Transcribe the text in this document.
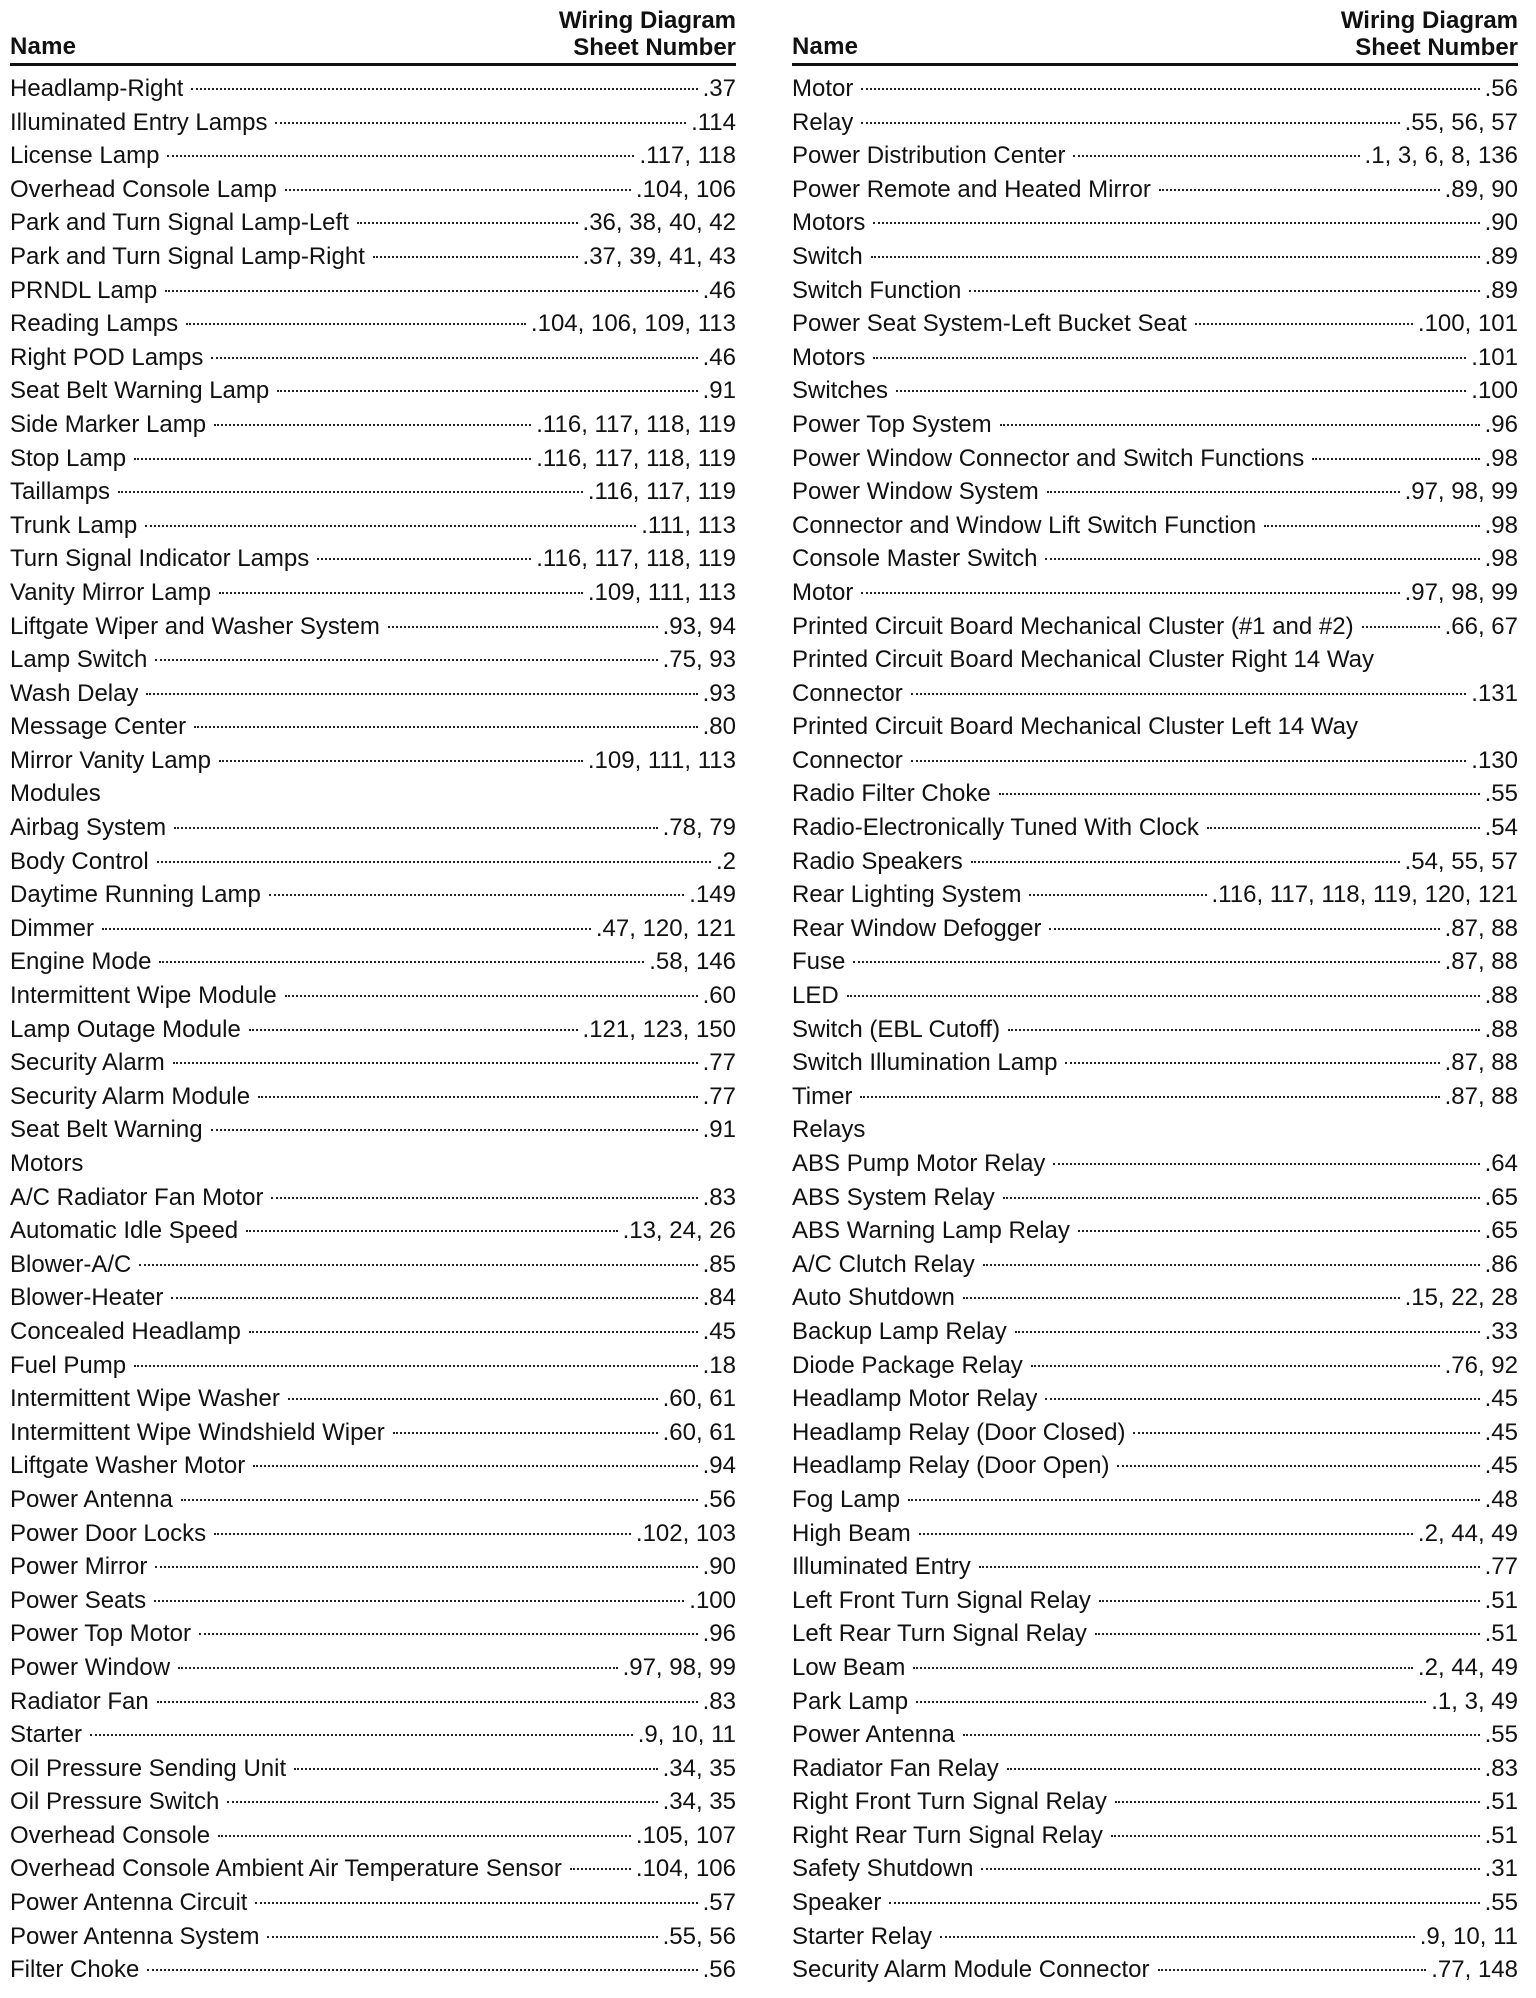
Name
Wiring Diagram
Sheet Number
Headlamp-Right	.37
Illuminated Entry Lamps	.114
License Lamp	.117, 118
Overhead Console Lamp	.104, 106
Park and Turn Signal Lamp-Left	.36, 38, 40, 42
Park and Turn Signal Lamp-Right	.37, 39, 41, 43
PRNDL Lamp	.46
Reading Lamps	.104, 106, 109, 113
Right POD Lamps	.46
Seat Belt Warning Lamp	.91
Side Marker Lamp	.116, 117, 118, 119
Stop Lamp	.116, 117, 118, 119
Taillamps	.116, 117, 119
Trunk Lamp	.111, 113
Turn Signal Indicator Lamps	.116, 117, 118, 119
Vanity Mirror Lamp	.109, 111, 113
Liftgate Wiper and Washer System	.93, 94
Lamp Switch	.75, 93
Wash Delay	.93
Message Center	.80
Mirror Vanity Lamp	.109, 111, 113
Modules
Airbag System	.78, 79
Body Control	.2
Daytime Running Lamp	.149
Dimmer	.47, 120, 121
Engine Mode	.58, 146
Intermittent Wipe Module	.60
Lamp Outage Module	.121, 123, 150
Security Alarm	.77
Security Alarm Module	.77
Seat Belt Warning	.91
Motors
A/C Radiator Fan Motor	.83
Automatic Idle Speed	.13, 24, 26
Blower-A/C	.85
Blower-Heater	.84
Concealed Headlamp	.45
Fuel Pump	.18
Intermittent Wipe Washer	.60, 61
Intermittent Wipe Windshield Wiper	.60, 61
Liftgate Washer Motor	.94
Power Antenna	.56
Power Door Locks	.102, 103
Power Mirror	.90
Power Seats	.100
Power Top Motor	.96
Power Window	.97, 98, 99
Radiator Fan	.83
Starter	.9, 10, 11
Oil Pressure Sending Unit	.34, 35
Oil Pressure Switch	.34, 35
Overhead Console	.105, 107
Overhead Console Ambient Air Temperature Sensor	.104, 106
Power Antenna Circuit	.57
Power Antenna System	.55, 56
Filter Choke	.56
Name
Wiring Diagram
Sheet Number
Motor	.56
Relay	.55, 56, 57
Power Distribution Center	.1, 3, 6, 8, 136
Power Remote and Heated Mirror	.89, 90
Motors	.90
Switch	.89
Switch Function	.89
Power Seat System-Left Bucket Seat	.100, 101
Motors	.101
Switches	.100
Power Top System	.96
Power Window Connector and Switch Functions	.98
Power Window System	.97, 98, 99
Connector and Window Lift Switch Function	.98
Console Master Switch	.98
Motor	.97, 98, 99
Printed Circuit Board Mechanical Cluster (#1 and #2)	.66, 67
Printed Circuit Board Mechanical Cluster Right 14 Way
Connector	.131
Printed Circuit Board Mechanical Cluster Left 14 Way
Connector	.130
Radio Filter Choke	.55
Radio-Electronically Tuned With Clock	.54
Radio Speakers	.54, 55, 57
Rear Lighting System	.116, 117, 118, 119, 120, 121
Rear Window Defogger	.87, 88
Fuse	.87, 88
LED	.88
Switch (EBL Cutoff)	.88
Switch Illumination Lamp	.87, 88
Timer	.87, 88
Relays
ABS Pump Motor Relay	.64
ABS System Relay	.65
ABS Warning Lamp Relay	.65
A/C Clutch Relay	.86
Auto Shutdown	.15, 22, 28
Backup Lamp Relay	.33
Diode Package Relay	.76, 92
Headlamp Motor Relay	.45
Headlamp Relay (Door Closed)	.45
Headlamp Relay (Door Open)	.45
Fog Lamp	.48
High Beam	.2, 44, 49
Illuminated Entry	.77
Left Front Turn Signal Relay	.51
Left Rear Turn Signal Relay	.51
Low Beam	.2, 44, 49
Park Lamp	.1, 3, 49
Power Antenna	.55
Radiator Fan Relay	.83
Right Front Turn Signal Relay	.51
Right Rear Turn Signal Relay	.51
Safety Shutdown	.31
Speaker	.55
Starter Relay	.9, 10, 11
Security Alarm Module Connector	.77, 148
